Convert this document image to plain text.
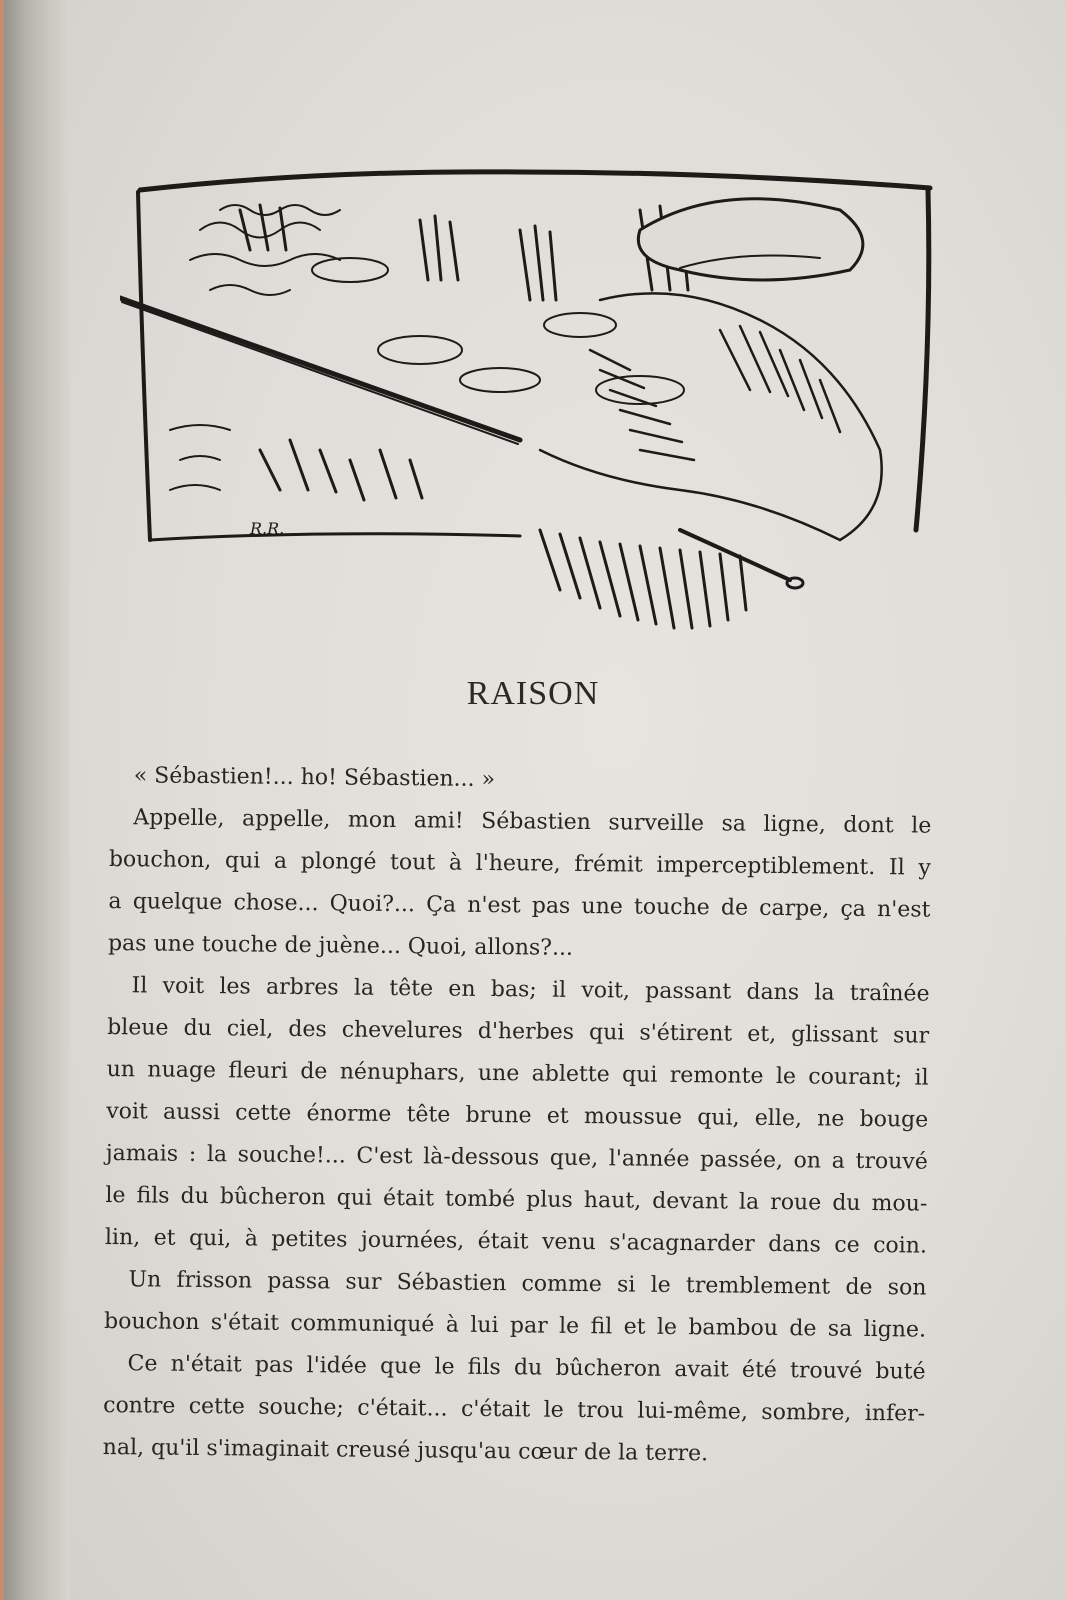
R.R.
RAISON
« Sébastien!... ho! Sébastien... »
Appelle, appelle, mon ami! Sébastien surveille sa ligne, dont le
bouchon, qui a plongé tout à l'heure, frémit imperceptiblement. Il y
a quelque chose... Quoi?... Ça n'est pas une touche de carpe, ça n'est
pas une touche de juène... Quoi, allons?...
Il voit les arbres la tête en bas; il voit, passant dans la traînée
bleue du ciel, des chevelures d'herbes qui s'étirent et, glissant sur
un nuage fleuri de nénuphars, une ablette qui remonte le courant; il
voit aussi cette énorme tête brune et moussue qui, elle, ne bouge
jamais : la souche!... C'est là-dessous que, l'année passée, on a trouvé
le fils du bûcheron qui était tombé plus haut, devant la roue du mou-
lin, et qui, à petites journées, était venu s'acagnarder dans ce coin.
Un frisson passa sur Sébastien comme si le tremblement de son
bouchon s'était communiqué à lui par le fil et le bambou de sa ligne.
Ce n'était pas l'idée que le fils du bûcheron avait été trouvé buté
contre cette souche; c'était... c'était le trou lui-même, sombre, infer-
nal, qu'il s'imaginait creusé jusqu'au cœur de la terre.
